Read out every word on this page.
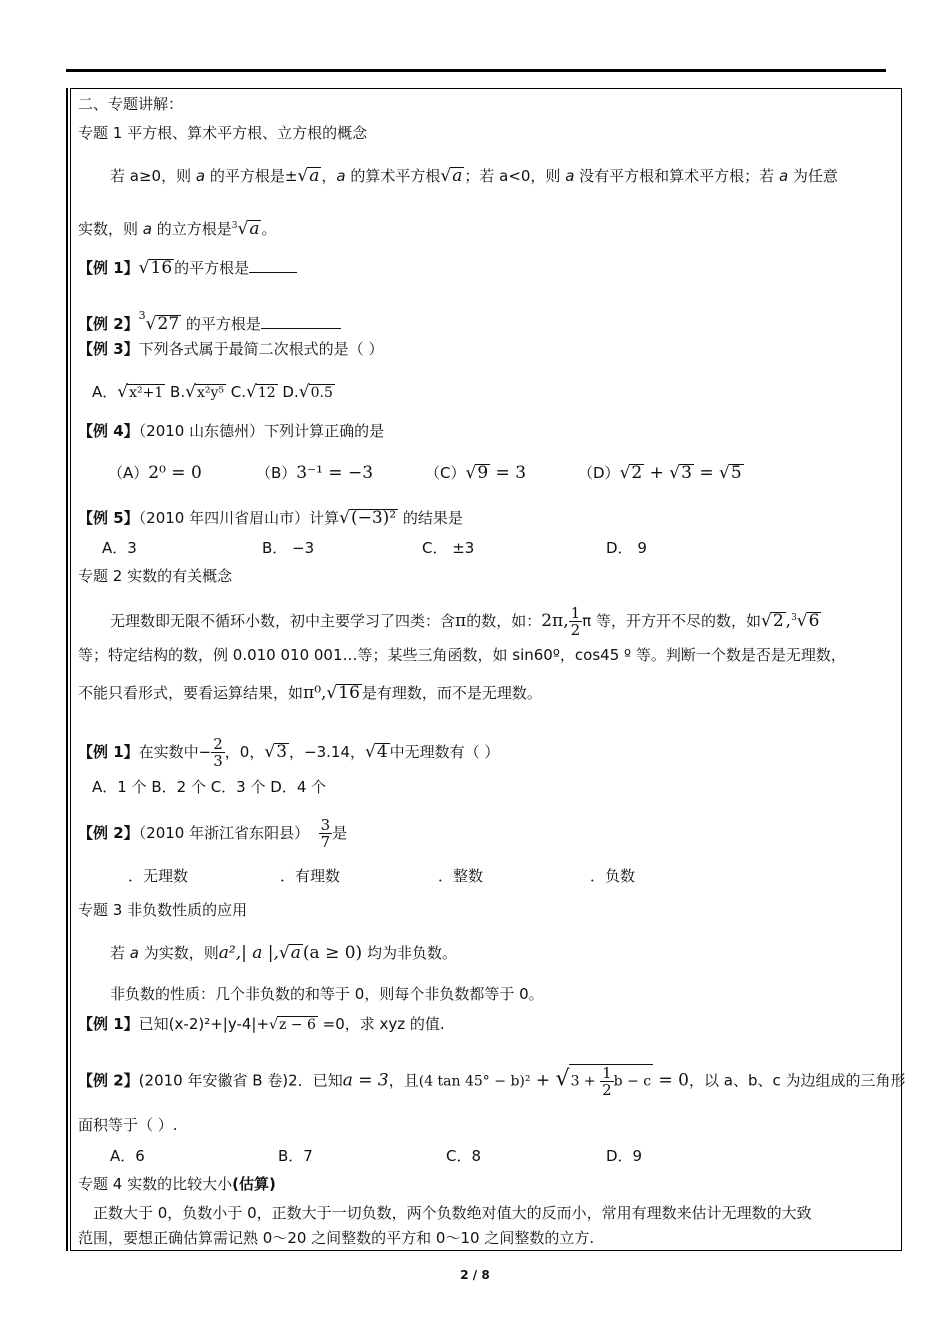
二、专题讲解：
专题 1 平方根、算术平方根、立方根的概念
若 a≥0，则 a 的平方根是±√a ，a 的算术平方根√a ；若 a<0，则 a 没有平方根和算术平方根；若 a 为任意
实数，则 a 的立方根是$^3$√a 。
【例 1】√16 的平方根是
【例 2】$^3$√27 的平方根是
【例 3】下列各式属于最简二次根式的是（ ）
A．√x²+1 B.√x²y⁵ C.√12 D.√0.5
【例 4】（2010 山东德州）下列计算正确的是
（A）2⁰ = 0	（B）3⁻¹ = −3	（C）√9 = 3	（D）√2 + √3 = √5
【例 5】（2010 年四川省眉山市）计算√(−3)² 的结果是
A．3	B． −3	C． ±3	D． 9
专题 2 实数的有关概念
无理数即无限不循环小数，初中主要学习了四类：含π的数，如：2π, $\frac{1}{2}$ π 等，开方开不尽的数，如√2 ,$^3$√6
等；特定结构的数，例 0.010 010 001…等；某些三角函数，如 sin60º，cos45 º 等。判断一个数是否是无理数，
不能只看形式，要看运算结果，如π⁰,√16 是有理数，而不是无理数。
【例 1】在实数中− $\frac{2}{3}$ ，0，√3 ，−3.14，√4 中无理数有（ ）
A．1 个 B．2 个 C．3 个 D．4 个
【例 2】（2010 年浙江省东阳县） $\frac{3}{7}$ 是
．无理数	．有理数	．整数	．负数
专题 3 非负数性质的应用
若 a 为实数，则a²,| a |,√a (a ≥ 0) 均为非负数。
非负数的性质：几个非负数的和等于 0，则每个非负数都等于 0。
【例 1】已知(x-2)²+|y-4|+√z − 6 =0，求 xyz 的值.
【例 2】(2010 年安徽省 B 卷)2．已知a = 3，且(4 $\tan 45^\circ - b)^2 + √3 + \frac{1}{2}$ b − c = 0，以 a、b、c 为边组成的三角形
面积等于（ ）.
A．6	B．7	C．8	D．9
专题 4 实数的比较大小(估算)
正数大于 0，负数小于 0，正数大于一切负数，两个负数绝对值大的反而小，常用有理数来估计无理数的大致
范围，要想正确估算需记熟 0～20 之间整数的平方和 0～10 之间整数的立方.
2 / 8
